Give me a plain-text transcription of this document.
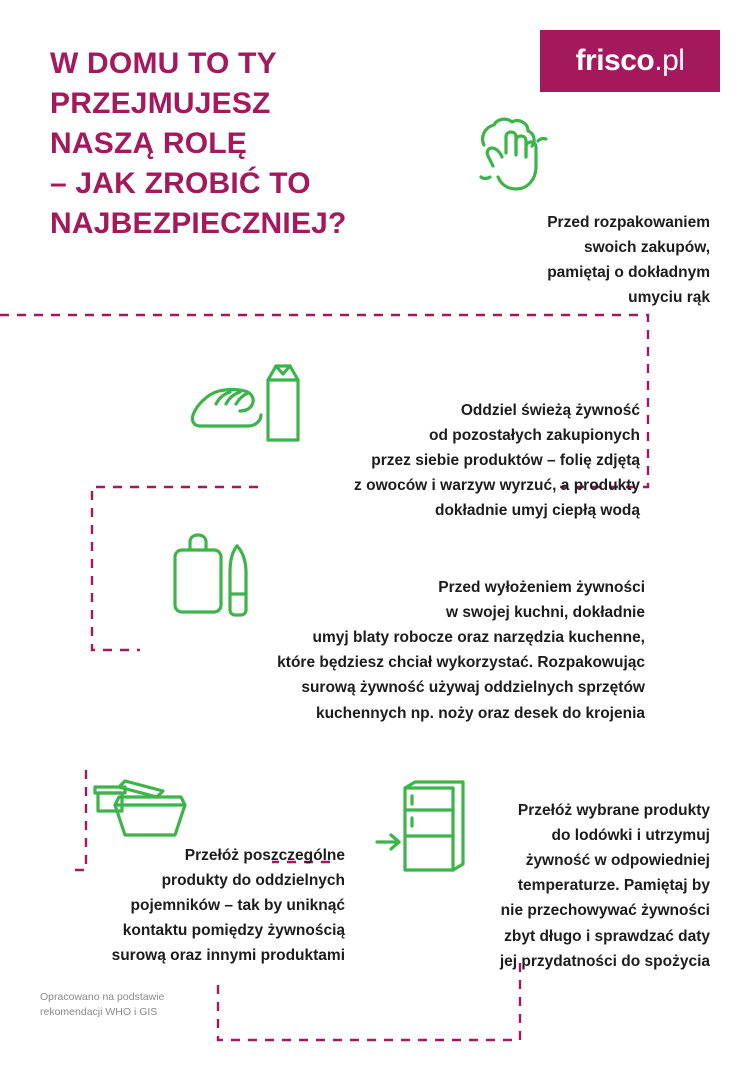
frisco.pl
W DOMU TO TY
PRZEJMUJESZ
NASZĄ ROLĘ
– JAK ZROBIĆ TO
NAJBEZPIECZNIEJ?	Przed rozpakowaniem
swoich zakupów,
pamiętaj o dokładnym
umyciu rąk
Oddziel świeżą żywność
od pozostałych zakupionych
przez siebie produktów – folię zdjętą
z owoców i warzyw wyrzuć, a produkty
dokładnie umyj ciepłą wodą
Przed wyłożeniem żywności
w swojej kuchni, dokładnie
umyj blaty robocze oraz narzędzia kuchenne,
które będziesz chciał wykorzystać. Rozpakowując
surową żywność używaj oddzielnych sprzętów
kuchennych np. noży oraz desek do krojenia
Przełóż poszczególne
produkty do oddzielnych
pojemników – tak by uniknąć
kontaktu pomiędzy żywnością
surową oraz innymi produktami
Przełóż wybrane produkty
do lodówki i utrzymuj
żywność w odpowiedniej
temperaturze. Pamiętaj by
nie przechowywać żywności
zbyt długo i sprawdzać daty
jej przydatności do spożycia
Opracowano na podstawie
rekomendacji WHO i GIS
